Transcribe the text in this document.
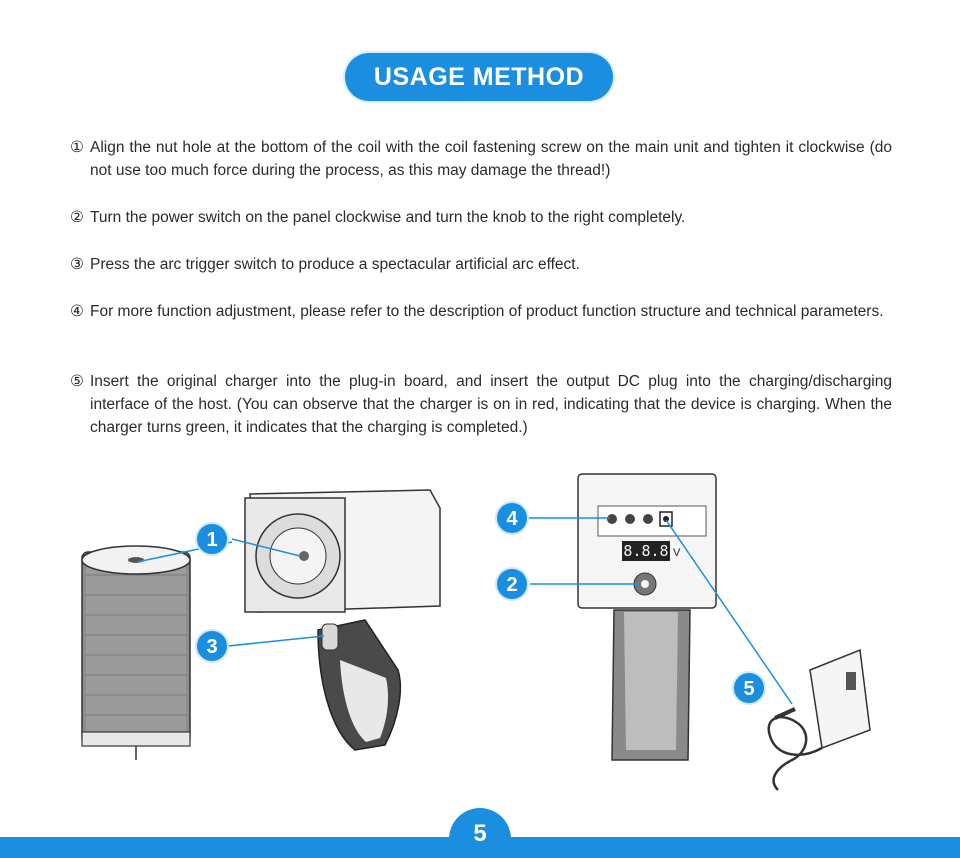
USAGE METHOD
① Align the nut hole at the bottom of the coil with the coil fastening screw on the main unit and tighten it clockwise (do not use too much force during the process, as this may damage the thread!)
② Turn the power switch on the panel clockwise and turn the knob to the right completely.
③ Press the arc trigger switch to produce a spectacular artificial arc effect.
④ For more function adjustment, please refer to the description of product function structure and technical parameters.
⑤ Insert the original charger into the plug-in board, and insert the output DC plug into the charging/discharging interface of the host. (You can observe that the charger is on in red, indicating that the device is charging. When the charger turns green, it indicates that the charging is completed.)
8.8.8 V
1
3
4
2
5
5
